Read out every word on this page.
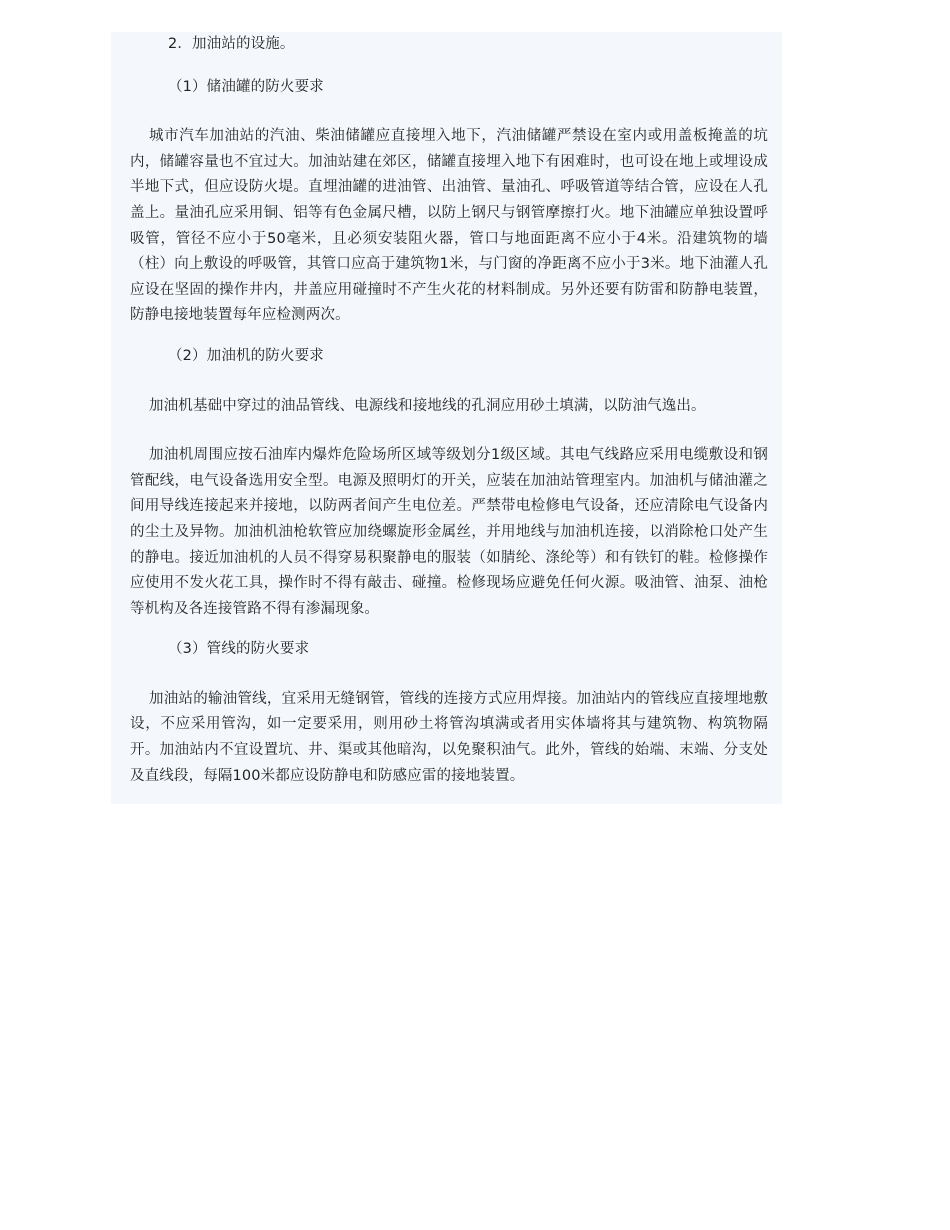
2．加油站的设施。

（1）储油罐的防火要求

城市汽车加油站的汽油、柴油储罐应直接埋入地下，汽油储罐严禁设在室内或用盖板掩盖的坑内，储罐容量也不宜过大。加油站建在郊区，储罐直接埋入地下有困难时，也可设在地上或埋设成半地下式，但应设防火堤。直埋油罐的进油管、出油管、量油孔、呼吸管道等结合管，应设在人孔盖上。量油孔应采用铜、铝等有色金属尺槽，以防上钢尺与钢管摩擦打火。地下油罐应单独设置呼吸管，管径不应小于50毫米，且必须安装阻火器，管口与地面距离不应小于4米。沿建筑物的墙（柱）向上敷设的呼吸管，其管口应高于建筑物1米，与门窗的净距离不应小于3米。地下油灌人孔应设在坚固的操作井内，井盖应用碰撞时不产生火花的材料制成。另外还要有防雷和防静电装置，防静电接地装置每年应检测两次。

（2）加油机的防火要求

加油机基础中穿过的油品管线、电源线和接地线的孔洞应用砂土填满，以防油气逸出。

加油机周围应按石油库内爆炸危险场所区域等级划分1级区域。其电气线路应采用电缆敷设和钢管配线，电气设备选用安全型。电源及照明灯的开关，应装在加油站管理室内。加油机与储油灌之间用导线连接起来并接地，以防两者间产生电位差。严禁带电检修电气设备，还应清除电气设备内的尘土及异物。加油机油枪软管应加绕螺旋形金属丝，并用地线与加油机连接，以消除枪口处产生的静电。接近加油机的人员不得穿易积聚静电的服装（如腈纶、涤纶等）和有铁钉的鞋。检修操作应使用不发火花工具，操作时不得有敲击、碰撞。检修现场应避免任何火源。吸油管、油泵、油枪等机构及各连接管路不得有渗漏现象。

（3）管线的防火要求

加油站的输油管线，宜采用无缝钢管，管线的连接方式应用焊接。加油站内的管线应直接埋地敷设，不应采用管沟，如一定要采用，则用砂土将管沟填满或者用实体墙将其与建筑物、构筑物隔开。加油站内不宜设置坑、井、渠或其他暗沟，以免聚积油气。此外，管线的始端、末端、分支处及直线段，每隔100米都应设防静电和防感应雷的接地装置。
